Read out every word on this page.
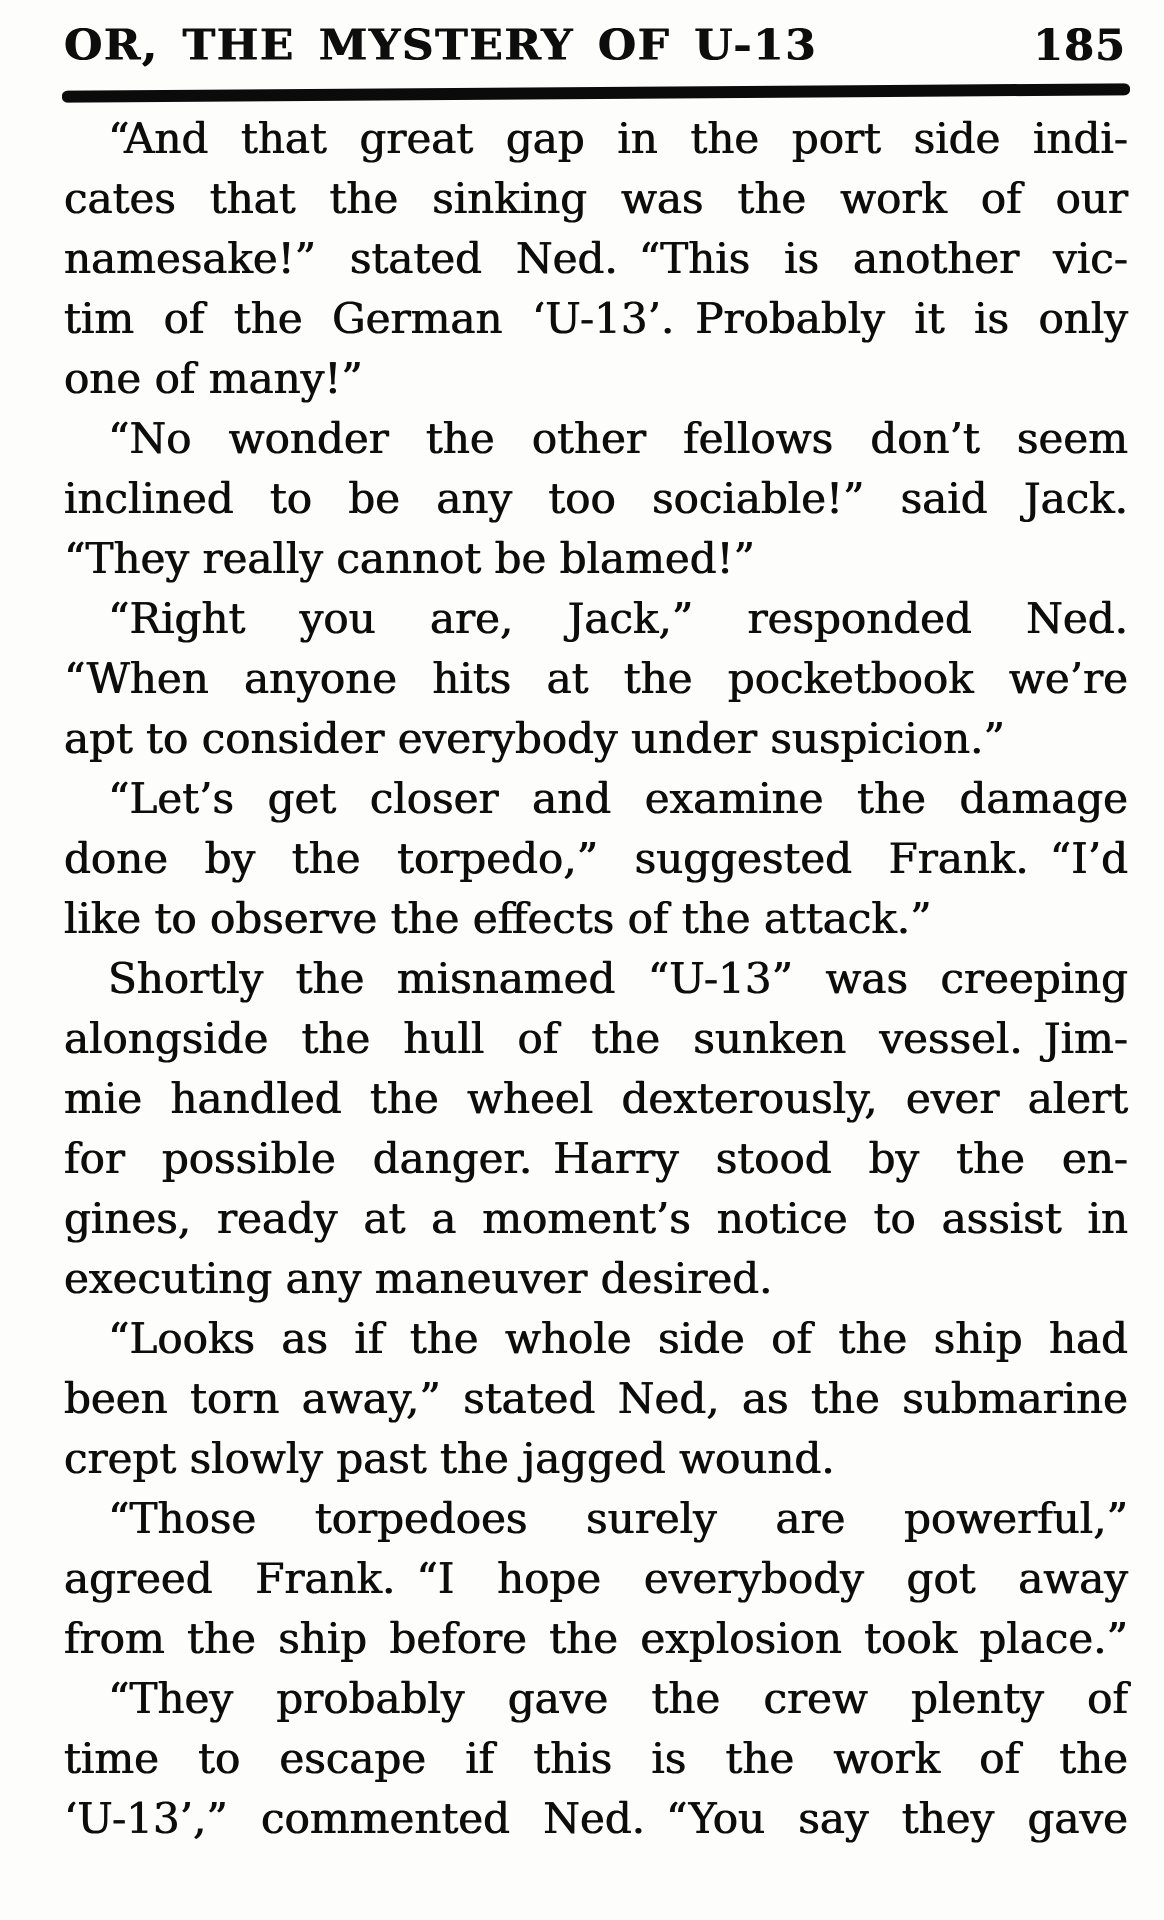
OR, THE MYSTERY OF U-13	185
“And that great gap in the port side indi-
cates that the sinking was the work of our
namesake!” stated Ned. “This is another vic-
tim of the German ‘U-13’. Probably it is only
one of many!”
“No wonder the other fellows don’t seem
inclined to be any too sociable!” said Jack.
“They really cannot be blamed!”
“Right you are, Jack,” responded Ned.
“When anyone hits at the pocketbook we’re
apt to consider everybody under suspicion.”
“Let’s get closer and examine the damage
done by the torpedo,” suggested Frank. “I’d
like to observe the effects of the attack.”
Shortly the misnamed “U-13” was creeping
alongside the hull of the sunken vessel. Jim-
mie handled the wheel dexterously, ever alert
for possible danger. Harry stood by the en-
gines, ready at a moment’s notice to assist in
executing any maneuver desired.
“Looks as if the whole side of the ship had
been torn away,” stated Ned, as the submarine
crept slowly past the jagged wound.
“Those torpedoes surely are powerful,”
agreed Frank. “I hope everybody got away
from the ship before the explosion took place.”
“They probably gave the crew plenty of
time to escape if this is the work of the
‘U-13’,” commented Ned. “You say they gave
